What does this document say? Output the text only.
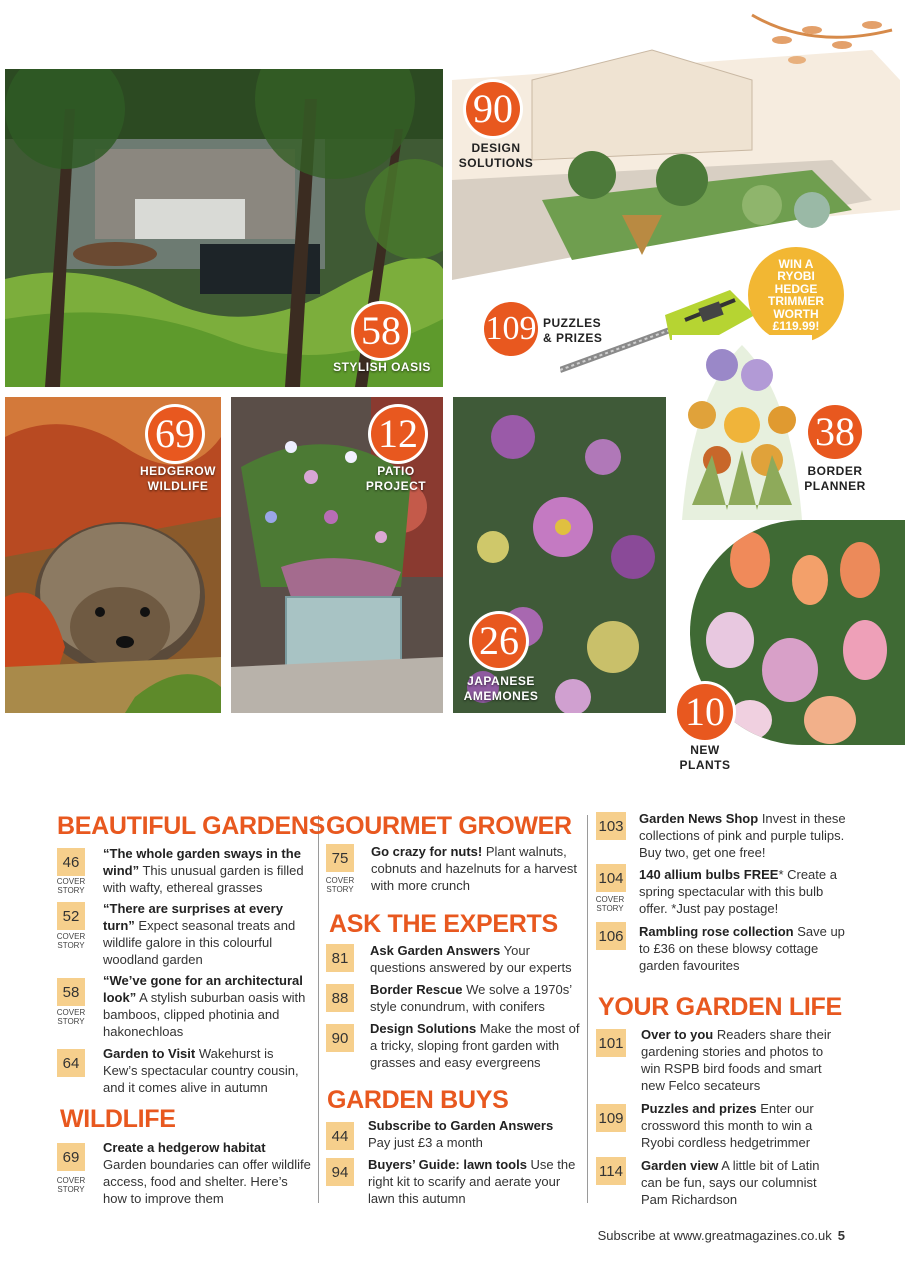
58
STYLISH OASIS
90
DESIGN
SOLUTIONS
109 PUZZLES
& PRIZES
WIN A
RYOBI
HEDGE
TRIMMER
WORTH
£119.99!
69
HEDGEROW
WILDLIFE
12
PATIO
PROJECT
26
JAPANESE
AMEMONES
38
BORDER
PLANNER
10
NEW
PLANTS
BEAUTIFUL GARDENS
46
COVER
STORY
“The whole garden sways in the wind” This unusual garden is filled with wafty, ethereal grasses
52
COVER
STORY
“There are surprises at every turn” Expect seasonal treats and wildlife galore in this colourful woodland garden
58
COVER
STORY
“We’ve gone for an architectural look” A stylish suburban oasis with bamboos, clipped photinia and hakonechloas
64
Garden to Visit Wakehurst is Kew’s spectacular country cousin, and it comes alive in autumn
WILDLIFE
69
COVER
STORY
Create a hedgerow habitat
Garden boundaries can offer wildlife access, food and shelter. Here’s how to improve them
GOURMET GROWER
75
COVER
STORY
Go crazy for nuts! Plant walnuts, cobnuts and hazelnuts for a harvest with more crunch
ASK THE EXPERTS
81	Ask Garden Answers Your questions answered by our experts
88	Border Rescue We solve a 1970s’ style conundrum, with conifers
90
Design Solutions Make the most of a tricky, sloping front garden with grasses and easy evergreens
GARDEN BUYS
44
Subscribe to Garden Answers
Pay just £3 a month
94	Buyers’ Guide: lawn tools Use the right kit to scarify and aerate your lawn this autumn
103 Garden News Shop Invest in these collections of pink and purple tulips. Buy two, get one free!
104
COVER
STORY
140 allium bulbs FREE* Create a spring spectacular with this bulb offer. *Just pay postage!
106 Rambling rose collection Save up to £36 on these blowsy cottage garden favourites
YOUR GARDEN LIFE
101 Over to you Readers share their gardening stories and photos to win RSPB bird foods and smart new Felco secateurs
109
Puzzles and prizes Enter our crossword this month to win a Ryobi cordless hedgetrimmer
114 Garden view A little bit of Latin can be fun, says our columnist Pam Richardson
Subscribe at www.greatmagazines.co.uk 5
